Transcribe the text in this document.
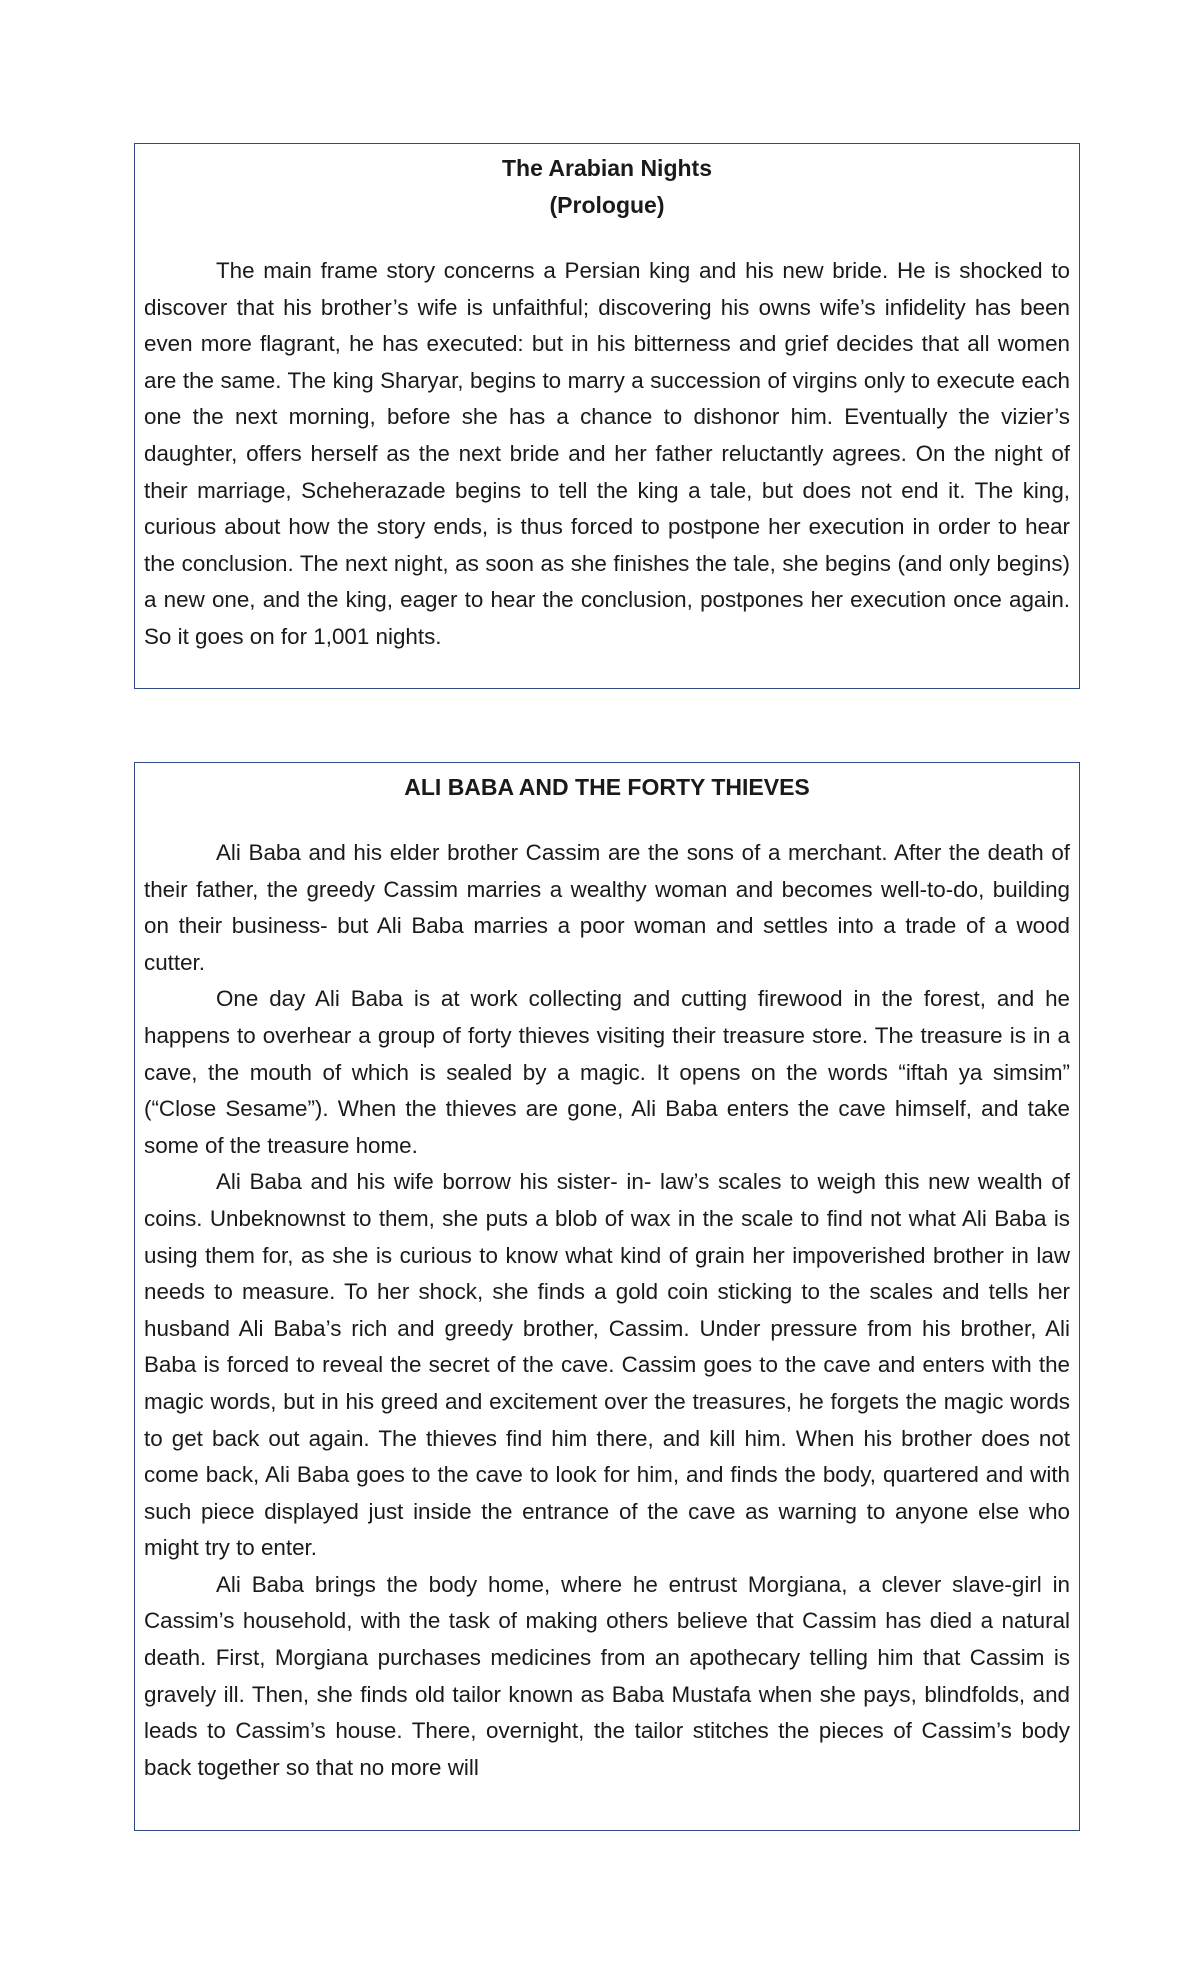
The Arabian Nights

(Prologue)

The main frame story concerns a Persian king and his new bride. He is shocked to discover that his brother’s wife is unfaithful; discovering his owns wife’s infidelity has been even more flagrant, he has executed: but in his bitterness and grief decides that all women are the same. The king Sharyar, begins to marry a succession of virgins only to execute each one the next morning, before she has a chance to dishonor him. Eventually the vizier’s daughter, offers herself as the next bride and her father reluctantly agrees. On the night of their marriage, Scheherazade begins to tell the king a tale, but does not end it. The king, curious about how the story ends, is thus forced to postpone her execution in order to hear the conclusion. The next night, as soon as she finishes the tale, she begins (and only begins) a new one, and the king, eager to hear the conclusion, postpones her execution once again. So it goes on for 1,001 nights.

ALI BABA AND THE FORTY THIEVES

Ali Baba and his elder brother Cassim are the sons of a merchant. After the death of their father, the greedy Cassim marries a wealthy woman and becomes well-to-do, building on their business- but Ali Baba marries a poor woman and settles into a trade of a wood cutter.

One day Ali Baba is at work collecting and cutting firewood in the forest, and he happens to overhear a group of forty thieves visiting their treasure store. The treasure is in a cave, the mouth of which is sealed by a magic. It opens on the words “iftah ya simsim” (“Close Sesame”). When the thieves are gone, Ali Baba enters the cave himself, and take some of the treasure home.

Ali Baba and his wife borrow his sister- in- law’s scales to weigh this new wealth of coins. Unbeknownst to them, she puts a blob of wax in the scale to find not what Ali Baba is using them for, as she is curious to know what kind of grain her impoverished brother in law needs to measure. To her shock, she finds a gold coin sticking to the scales and tells her husband Ali Baba’s rich and greedy brother, Cassim. Under pressure from his brother, Ali Baba is forced to reveal the secret of the cave. Cassim goes to the cave and enters with the magic words, but in his greed and excitement over the treasures, he forgets the magic words to get back out again. The thieves find him there, and kill him. When his brother does not come back, Ali Baba goes to the cave to look for him, and finds the body, quartered and with such piece displayed just inside the entrance of the cave as warning to anyone else who might try to enter.

Ali Baba brings the body home, where he entrust Morgiana, a clever slave-girl in Cassim’s household, with the task of making others believe that Cassim has died a natural death. First, Morgiana purchases medicines from an apothecary telling him that Cassim is gravely ill. Then, she finds old tailor known as Baba Mustafa when she pays, blindfolds, and leads to Cassim’s house. There, overnight, the tailor stitches the pieces of Cassim’s body back together so that no more will
